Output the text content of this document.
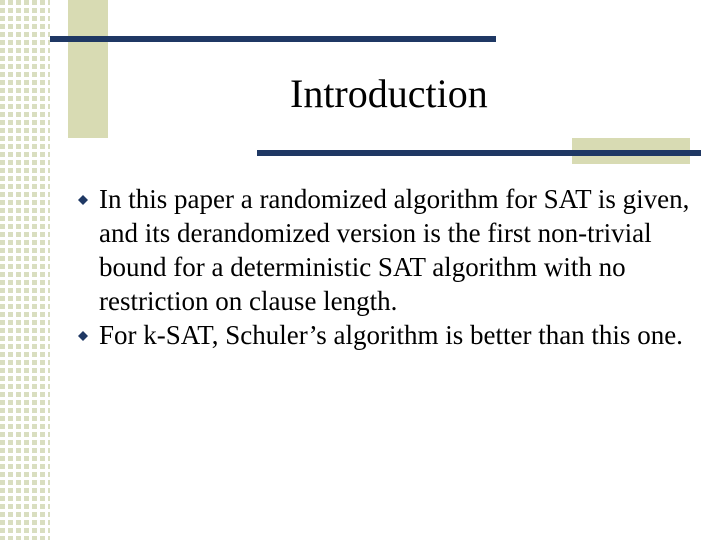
Introduction
In this paper a randomized algorithm for SAT is given, and its derandomized version is the first non-trivial bound for a deterministic SAT algorithm with no restriction on clause length.
For k-SAT, Schuler’s algorithm is better than this one.
